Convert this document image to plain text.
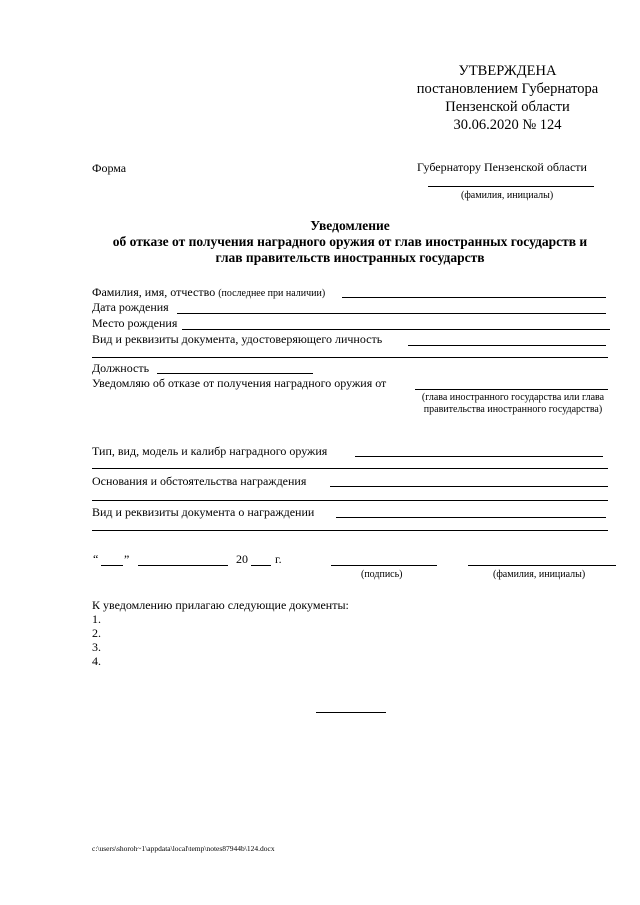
УТВЕРЖДЕНА
постановлением Губернатора
Пензенской области
30.06.2020 № 124
Форма	Губернатору Пензенской области
(фамилия, инициалы)
Уведомление
об отказе от получения наградного оружия от глав иностранных государств и
глав правительств иностранных государств
Фамилия, имя, отчество (последнее при наличии)
Дата рождения
Место рождения
Вид и реквизиты документа, удостоверяющего личность
Должность
Уведомляю об отказе от получения наградного оружия от
(глава иностранного государства или глава правительства иностранного государства)
Тип, вид, модель и калибр наградного оружия
Основания и обстоятельства награждения
Вид и реквизиты документа о награждении
“ ”	20 г.
(подпись)	(фамилия, инициалы)
К уведомлению прилагаю следующие документы:
1.
2.
3.
4.
c:\users\shoroh~1\appdata\local\temp\notes87944b\124.docx
